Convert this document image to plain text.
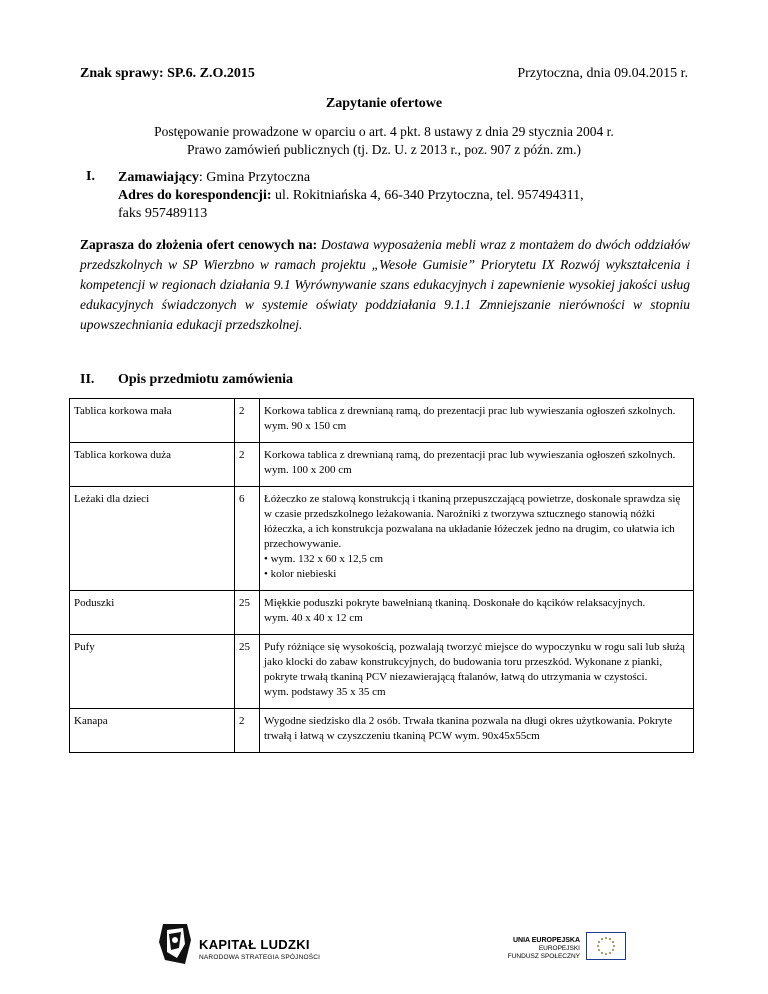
Znak sprawy: SP.6. Z.O.2015	Przytoczna, dnia 09.04.2015 r.
Zapytanie ofertowe
Postępowanie prowadzone w oparciu o art. 4 pkt. 8 ustawy z dnia 29 stycznia 2004 r.
Prawo zamówień publicznych (tj. Dz. U. z 2013 r., poz. 907 z późn. zm.)
I. Zamawiający: Gmina Przytoczna
Adres do korespondencji: ul. Rokitniańska 4, 66-340 Przytoczna, tel. 957494311,
faks 957489113
Zaprasza do złożenia ofert cenowych na: Dostawa wyposażenia mebli wraz z montażem do dwóch oddziałów przedszkolnych w SP Wierzbno w ramach projektu „Wesołe Gumisie” Priorytetu IX Rozwój wykształcenia i kompetencji w regionach działania 9.1 Wyrównywanie szans edukacyjnych i zapewnienie wysokiej jakości usług edukacyjnych świadczonych w systemie oświaty poddziałania 9.1.1 Zmniejszanie nierówności w stopniu upowszechniania edukacji przedszkolnej.
II. Opis przedmiotu zamówienia
Tablica korkowa mała	2	Korkowa tablica z drewnianą ramą, do prezentacji prac lub wywieszania ogłoszeń szkolnych.
wym. 90 x 150 cm

Tablica korkowa duża	2	Korkowa tablica z drewnianą ramą, do prezentacji prac lub wywieszania ogłoszeń szkolnych.
wym. 100 x 200 cm

Leżaki dla dzieci	6	Łóżeczko ze stalową konstrukcją i tkaniną przepuszczającą powietrze, doskonale sprawdza się w czasie przedszkolnego leżakowania. Narożniki z tworzywa sztucznego stanowią nóżki łóżeczka, a ich konstrukcja pozwalana na układanie łóżeczek jedno na drugim, co ułatwia ich przechowywanie.
• wym. 132 x 60 x 12,5 cm
• kolor niebieski

Poduszki	25	Miękkie poduszki pokryte bawełnianą tkaniną. Doskonałe do kącików relaksacyjnych.
wym. 40 x 40 x 12 cm

Pufy	25	Pufy różniące się wysokością, pozwalają tworzyć miejsce do wypoczynku w rogu sali lub służą jako klocki do zabaw konstrukcyjnych, do budowania toru przeszkód. Wykonane z pianki, pokryte trwałą tkaniną PCV niezawierającą ftalanów, łatwą do utrzymania w czystości.
wym. podstawy 35 x 35 cm

Kanapa	2	Wygodne siedzisko dla 2 osób. Trwała tkanina pozwala na długi okres użytkowania. Pokryte trwałą i łatwą w czyszczeniu tkaniną PCW wym. 90x45x55cm
KAPITAŁ LUDZKI
NARODOWA STRATEGIA SPÓJNOŚCI
UNIA EUROPEJSKA
EUROPEJSKI
FUNDUSZ SPOŁECZNY
